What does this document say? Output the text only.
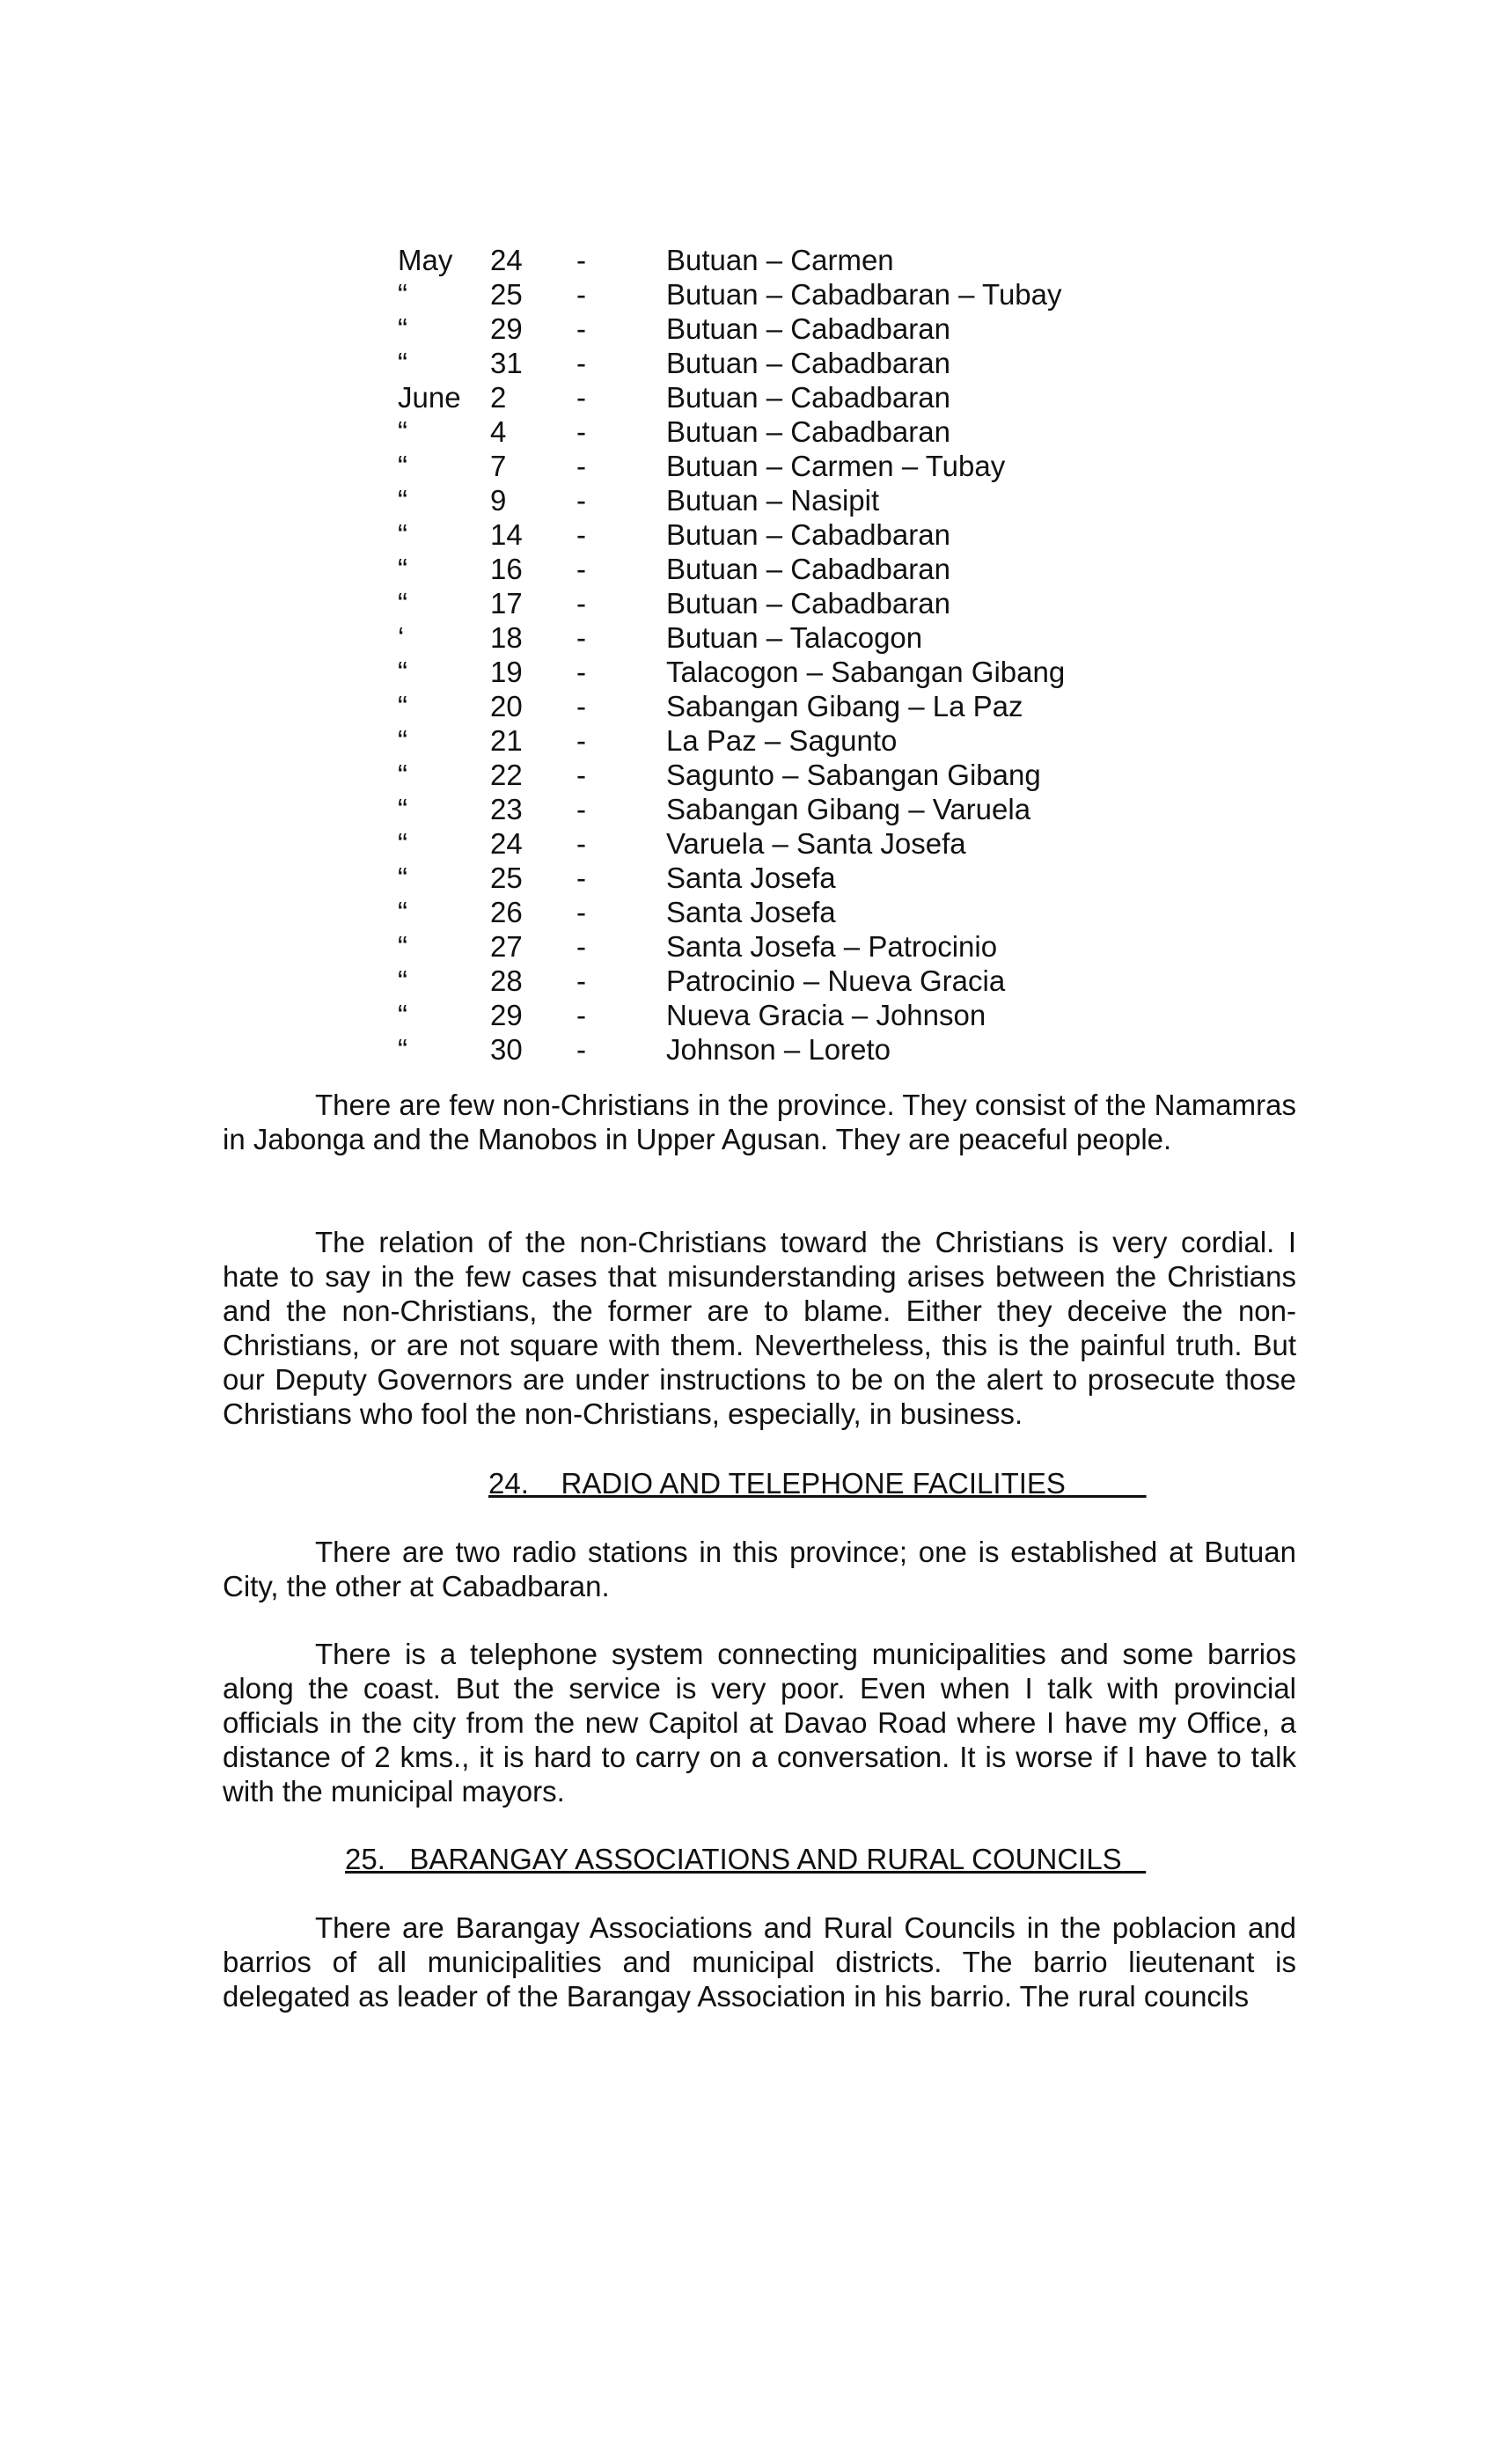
May 24 -	Butuan – Carmen
“	25 -	Butuan – Cabadbaran – Tubay
“	29 -	Butuan – Cabadbaran
“	31 -	Butuan – Cabadbaran
June 2 -	Butuan – Cabadbaran
“	4 -	Butuan – Cabadbaran
“	7 -	Butuan – Carmen – Tubay
“	9 -	Butuan – Nasipit
“	14 -	Butuan – Cabadbaran
“	16 -	Butuan – Cabadbaran
“	17 -	Butuan – Cabadbaran
‘	18 -	Butuan – Talacogon
“	19 -	Talacogon – Sabangan Gibang
“	20 -	Sabangan Gibang – La Paz
“	21 -	La Paz – Sagunto
“	22 -	Sagunto – Sabangan Gibang
“	23 -	Sabangan Gibang – Varuela
“	24 -	Varuela – Santa Josefa
“	25 -	Santa Josefa
“	26 -	Santa Josefa
“	27 -	Santa Josefa – Patrocinio
“	28 -	Patrocinio – Nueva Gracia
“	29 -	Nueva Gracia – Johnson
“	30 -	Johnson – Loreto

There are few non-Christians in the province. They consist of the Namamras in Jabonga and the Manobos in Upper Agusan. They are peaceful people.

The relation of the non-Christians toward the Christians is very cordial. I hate to say in the few cases that misunderstanding arises between the Christians and the non-Christians, the former are to blame. Either they deceive the non-Christians, or are not square with them. Nevertheless, this is the painful truth. But our Deputy Governors are under instructions to be on the alert to prosecute those Christians who fool the non-Christians, especially, in business.

24.    RADIO AND TELEPHONE FACILITIES

There are two radio stations in this province; one is established at Butuan City, the other at Cabadbaran.

There is a telephone system connecting municipalities and some barrios along the coast. But the service is very poor. Even when I talk with provincial officials in the city from the new Capitol at Davao Road where I have my Office, a distance of 2 kms., it is hard to carry on a conversation. It is worse if I have to talk with the municipal mayors.

25.   BARANGAY ASSOCIATIONS AND RURAL COUNCILS

There are Barangay Associations and Rural Councils in the poblacion and barrios of all municipalities and municipal districts. The barrio lieutenant is delegated as leader of the Barangay Association in his barrio. The rural councils
